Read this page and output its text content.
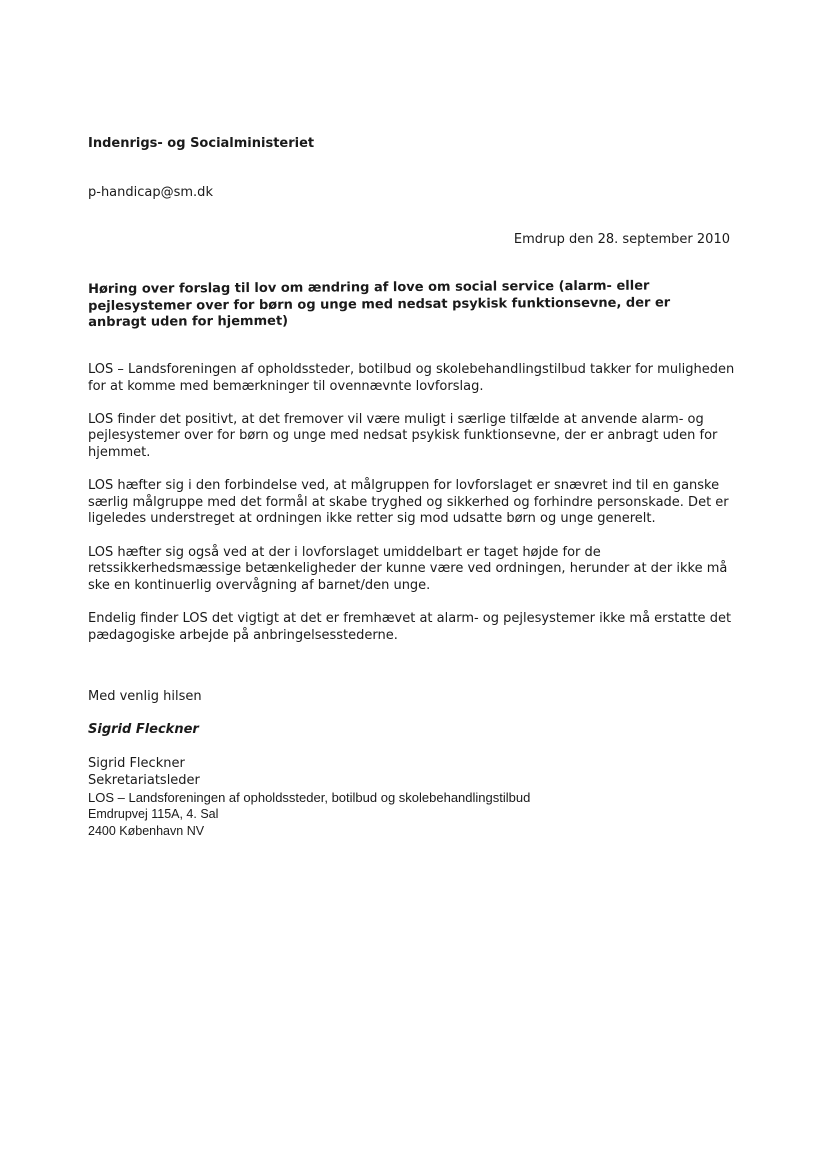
Indenrigs- og Socialministeriet
p-handicap@sm.dk
Emdrup den 28. september 2010
Høring over forslag til lov om ændring af love om social service (alarm- eller pejlesystemer over for børn og unge med nedsat psykisk funktionsevne, der er anbragt uden for hjemmet)

LOS – Landsforeningen af opholdssteder, botilbud og skolebehandlingstilbud takker for muligheden for at komme med bemærkninger til ovennævnte lovforslag.

LOS finder det positivt, at det fremover vil være muligt i særlige tilfælde at anvende alarm- og pejlesystemer over for børn og unge med nedsat psykisk funktionsevne, der er anbragt uden for hjemmet.

LOS hæfter sig i den forbindelse ved, at målgruppen for lovforslaget er snævret ind til en ganske særlig målgruppe med det formål at skabe tryghed og sikkerhed og forhindre personskade. Det er ligeledes understreget at ordningen ikke retter sig mod udsatte børn og unge generelt.

LOS hæfter sig også ved at der i lovforslaget umiddelbart er taget højde for de retssikkerhedsmæssige betænkeligheder der kunne være ved ordningen, herunder at der ikke må ske en kontinuerlig overvågning af barnet/den unge.

Endelig finder LOS det vigtigt at det er fremhævet at alarm- og pejlesystemer ikke må erstatte det pædagogiske arbejde på anbringelsesstederne.

Med venlig hilsen
Sigrid Fleckner
Sigrid Fleckner
Sekretariatsleder
LOS – Landsforeningen af opholdssteder, botilbud og skolebehandlingstilbud
Emdrupvej 115A, 4. Sal
2400 København NV
